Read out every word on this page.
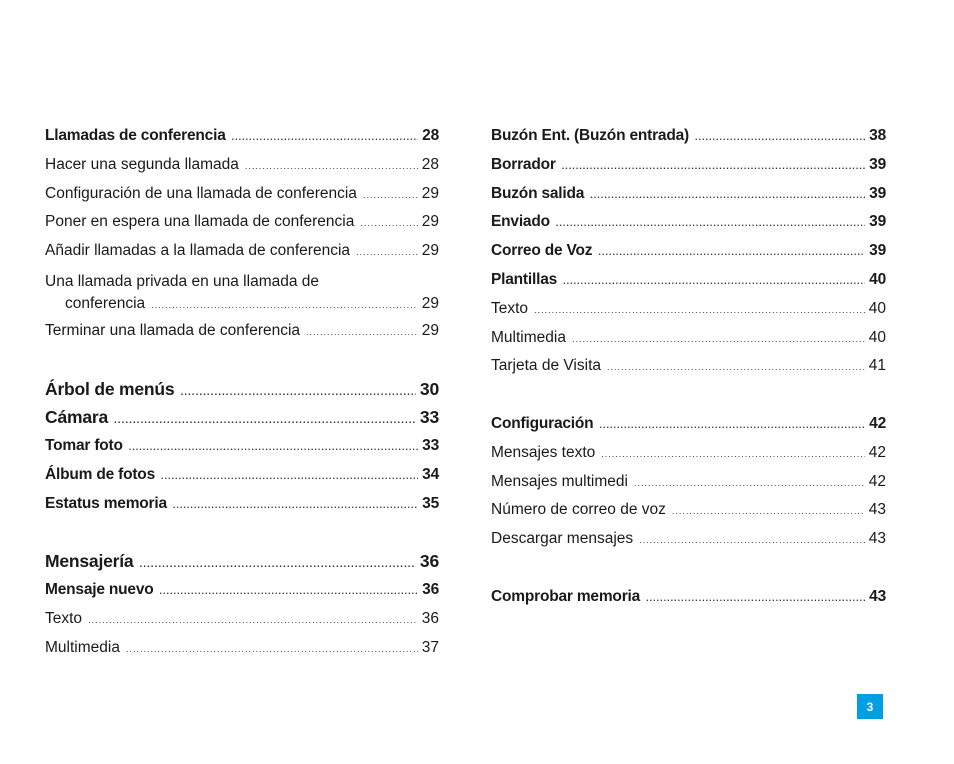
Llamadas de conferencia .....	28
Hacer una segunda llamada .....	28
Configuración de una llamada de conferencia .....	29
Poner en espera una llamada de conferencia .....	29
Añadir llamadas a la llamada de conferencia .....	29
Una llamada privada en una llamada de
conferencia .....	29
Terminar una llamada de conferencia .....	29
Árbol de menús .....	30
Cámara .....	33
Tomar foto .....	33
Álbum de fotos .....	34
Estatus memoria .....	35
Mensajería .....	36
Mensaje nuevo .....	36
Texto .....	36
Multimedia .....	37
Buzón Ent. (Buzón entrada) .....	38
Borrador .....	39
Buzón salida .....	39
Enviado .....	39
Correo de Voz .....	39
Plantillas .....	40
Texto .....	40
Multimedia .....	40
Tarjeta de Visita .....	41
Configuración .....	42
Mensajes texto .....	42
Mensajes multimedi .....	42
Número de correo de voz .....	43
Descargar mensajes .....	43
Comprobar memoria .....	43
3
